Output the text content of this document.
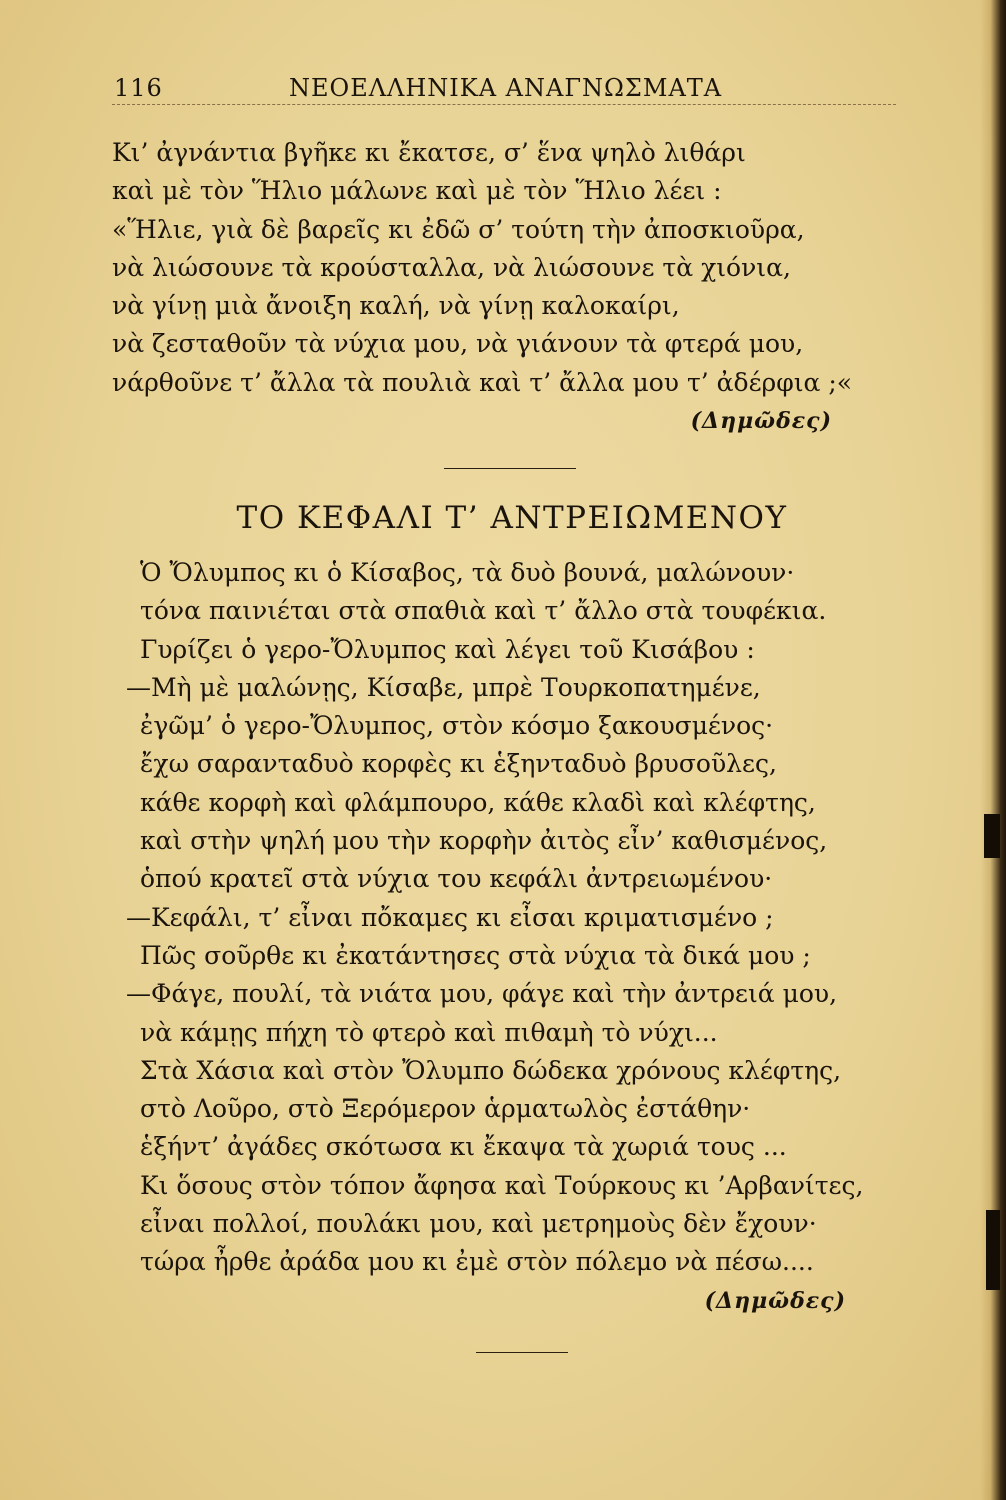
116	ΝΕΟΕΛΛΗΝΙΚΑ ΑΝΑΓΝΩΣΜΑΤΑ
Κι’ ἀγνάντια βγῆκε κι ἔκατσε, σ’ ἕνα ψηλὸ λιθάρι
καὶ μὲ τὸν Ἥλιο μάλωνε καὶ μὲ τὸν Ἥλιο λέει :
«Ἥλιε, γιὰ δὲ βαρεῖς κι ἐδῶ σ’ τούτη τὴν ἀποσκιοῦρα,
νὰ λιώσουνε τὰ κρούσταλλα, νὰ λιώσουνε τὰ χιόνια,
νὰ γίνῃ μιὰ ἄνοιξη καλή, νὰ γίνῃ καλοκαίρι,
νὰ ζεσταθοῦν τὰ νύχια μου, νὰ γιάνουν τὰ φτερά μου,
νάρθοῦνε τ’ ἄλλα τὰ πουλιὰ καὶ τ’ ἄλλα μου τ’ ἀδέρφια ;«
(Δημῶδες)
ΤΟ ΚΕΦΑΛΙ Τ’ ΑΝΤΡΕΙΩΜΕΝΟΥ
Ὁ Ὄλυμπος κι ὁ Κίσαβος, τὰ δυὸ βουνά, μαλώνουν·
τόνα παινιέται στὰ σπαθιὰ καὶ τ’ ἄλλο στὰ τουφέκια.
Γυρίζει ὁ γερο-Ὄλυμπος καὶ λέγει τοῦ Κισάβου :
—Μὴ μὲ μαλώνῃς, Κίσαβε, μπρὲ Τουρκοπατημένε,
ἐγῶμ’ ὁ γερο-Ὄλυμπος, στὸν κόσμο ξακουσμένος·
ἔχω σαρανταδυὸ κορφὲς κι ἑξηνταδυὸ βρυσοῦλες,
κάθε κορφὴ καὶ φλάμπουρο, κάθε κλαδὶ καὶ κλέφτης,
καὶ στὴν ψηλή μου τὴν κορφὴν ἀιτὸς εἶν’ καθισμένος,
ὁπού κρατεῖ στὰ νύχια του κεφάλι ἀντρειωμένου·
—Κεφάλι, τ’ εἶναι πὄκαμες κι εἶσαι κριματισμένο ;
Πῶς σοῦρθε κι ἐκατάντησες στὰ νύχια τὰ δικά μου ;
—Φάγε, πουλί, τὰ νιάτα μου, φάγε καὶ τὴν ἀντρειά μου,
νὰ κάμῃς πήχη τὸ φτερὸ καὶ πιθαμὴ τὸ νύχι...
Στὰ Χάσια καὶ στὸν Ὄλυμπο δώδεκα χρόνους κλέφτης,
στὸ Λοῦρο, στὸ Ξερόμερον ἁρματωλὸς ἐστάθην·
ἑξήντ’ ἀγάδες σκότωσα κι ἔκαψα τὰ χωριά τους ...
Κι ὅσους στὸν τόπον ἄφησα καὶ Τούρκους κι ’Αρβανίτες,
εἶναι πολλοί, πουλάκι μου, καὶ μετρημοὺς δὲν ἔχουν·
τώρα ἦρθε ἀράδα μου κι ἐμὲ στὸν πόλεμο νὰ πέσω....
(Δημῶδες)
